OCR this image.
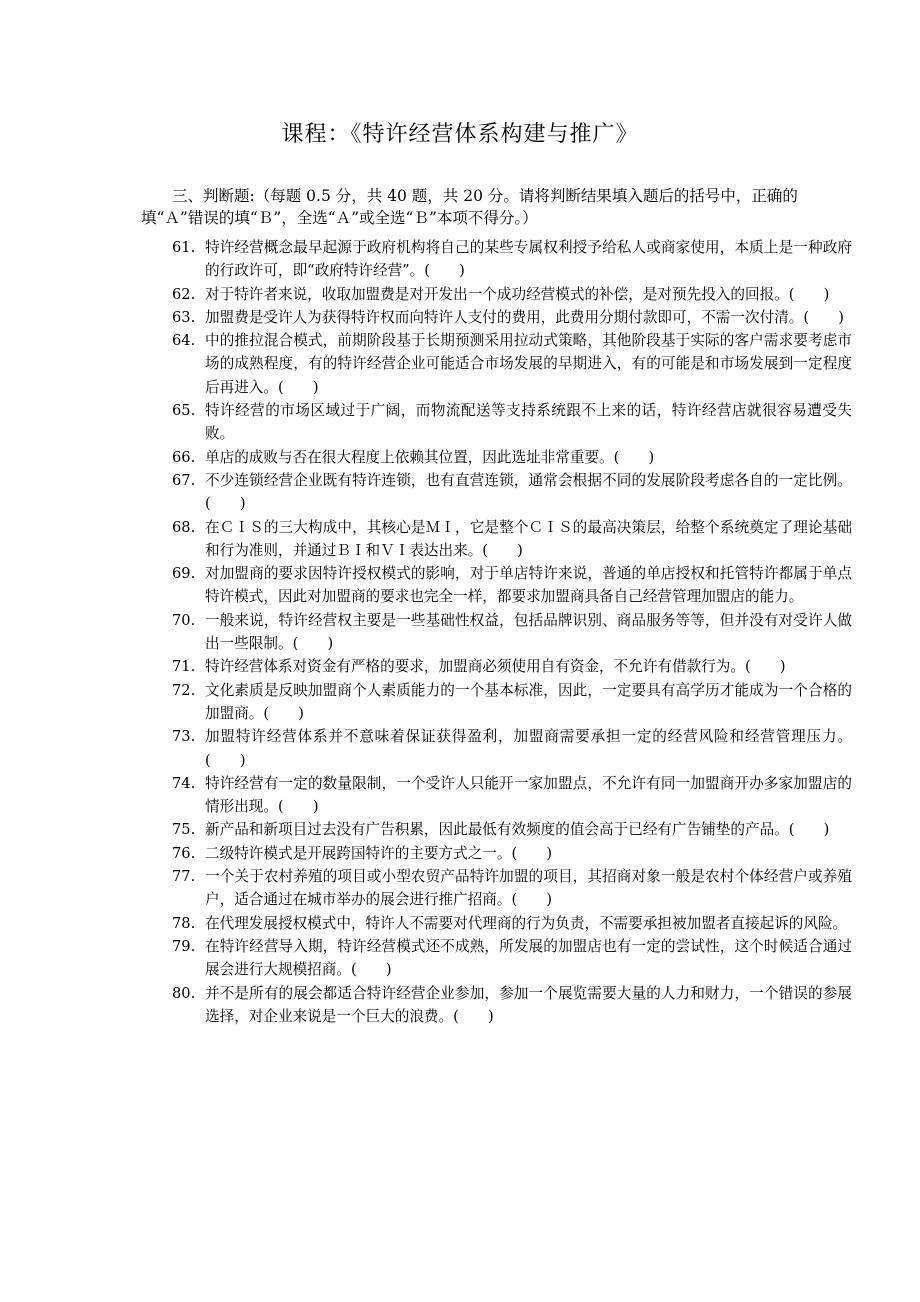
课程：《特许经营体系构建与推广》
三、判断题:（每题 0.5 分，共 40 题，共 20 分。请将判断结果填入题后的括号中，正确的填“Ａ”错误的填“Ｂ”，全选“Ａ”或全选“Ｂ”本项不得分。）
61. 特许经营概念最早起源于政府机构将自己的某些专属权利授予给私人或商家使用，本质上是一种政府的行政许可，即“政府特许经营”。(　　)
62. 对于特许者来说，收取加盟费是对开发出一个成功经营模式的补偿，是对预先投入的回报。(　　)
63. 加盟费是受许人为获得特许权而向特许人支付的费用，此费用分期付款即可，不需一次付清。(　　)
64. 中的推拉混合模式，前期阶段基于长期预测采用拉动式策略，其他阶段基于实际的客户需求要考虑市场的成熟程度，有的特许经营企业可能适合市场发展的早期进入，有的可能是和市场发展到一定程度后再进入。(　　)
65. 特许经营的市场区域过于广阔，而物流配送等支持系统跟不上来的话，特许经营店就很容易遭受失败。
66. 单店的成败与否在很大程度上依赖其位置，因此选址非常重要。(　　)
67. 不少连锁经营企业既有特许连锁，也有直营连锁，通常会根据不同的发展阶段考虑各自的一定比例。(　　)
68. 在ＣＩＳ的三大构成中，其核心是ＭＩ，它是整个ＣＩＳ的最高决策层，给整个系统奠定了理论基础和行为准则，并通过ＢＩ和ＶＩ表达出来。(　　)
69. 对加盟商的要求因特许授权模式的影响，对于单店特许来说，普通的单店授权和托管特许都属于单点特许模式，因此对加盟商的要求也完全一样，都要求加盟商具备自己经营管理加盟店的能力。
70. 一般来说，特许经营权主要是一些基础性权益，包括品牌识别、商品服务等等，但并没有对受许人做出一些限制。(　　)
71. 特许经营体系对资金有严格的要求，加盟商必须使用自有资金，不允许有借款行为。(　　)
72. 文化素质是反映加盟商个人素质能力的一个基本标准，因此，一定要具有高学历才能成为一个合格的加盟商。(　　)
73. 加盟特许经营体系并不意味着保证获得盈利，加盟商需要承担一定的经营风险和经营管理压力。(　　)
74. 特许经营有一定的数量限制，一个受许人只能开一家加盟点，不允许有同一加盟商开办多家加盟店的情形出现。(　　)
75. 新产品和新项目过去没有广告积累，因此最低有效频度的值会高于已经有广告铺垫的产品。(　　)
76. 二级特许模式是开展跨国特许的主要方式之一。(　　)
77. 一个关于农村养殖的项目或小型农贸产品特许加盟的项目，其招商对象一般是农村个体经营户或养殖户，适合通过在城市举办的展会进行推广招商。(　　)
78. 在代理发展授权模式中，特许人不需要对代理商的行为负责，不需要承担被加盟者直接起诉的风险。
79. 在特许经营导入期，特许经营模式还不成熟，所发展的加盟店也有一定的尝试性，这个时候适合通过展会进行大规模招商。(　　)
80. 并不是所有的展会都适合特许经营企业参加，参加一个展览需要大量的人力和财力，一个错误的参展选择，对企业来说是一个巨大的浪费。(　　)
